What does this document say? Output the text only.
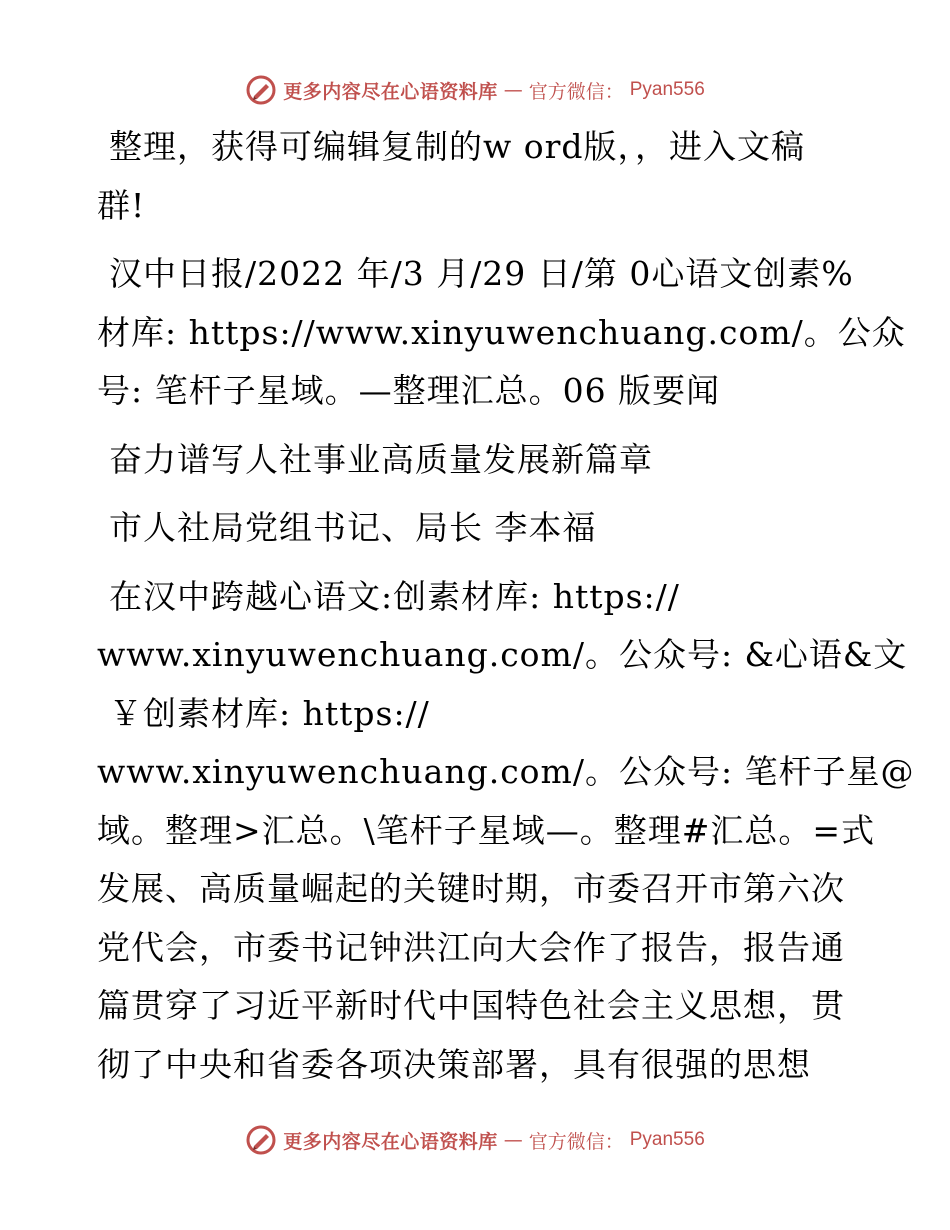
更多内容尽在心语资料库 — 官方微信： Pyan556
整理，获得可编辑复制的w ord版，，进入文稿
群!
汉中日报/2022 年/3 月/29 日/第 0心语文创素%
材库: https://www.xinyuwenchuang.com/。公众
号: 笔杆子星域。—整理汇总。06 版要闻
奋力谱写人社事业高质量发展新篇章
市人社局党组书记、局长 李本福
在汉中跨越心语文:创素材库: https://
www.xinyuwenchuang.com/。公众号: &心语&文
￥创素材库: https://
www.xinyuwenchuang.com/。公众号: 笔杆子星@
域。整理>汇总。\笔杆子星域—。整理#汇总。=式
发展、高质量崛起的关键时期，市委召开市第六次
党代会，市委书记钟洪江向大会作了报告，报告通
篇贯穿了习近平新时代中国特色社会主义思想，贯
彻了中央和省委各项决策部署，具有很强的思想
更多内容尽在心语资料库 — 官方微信： Pyan556
